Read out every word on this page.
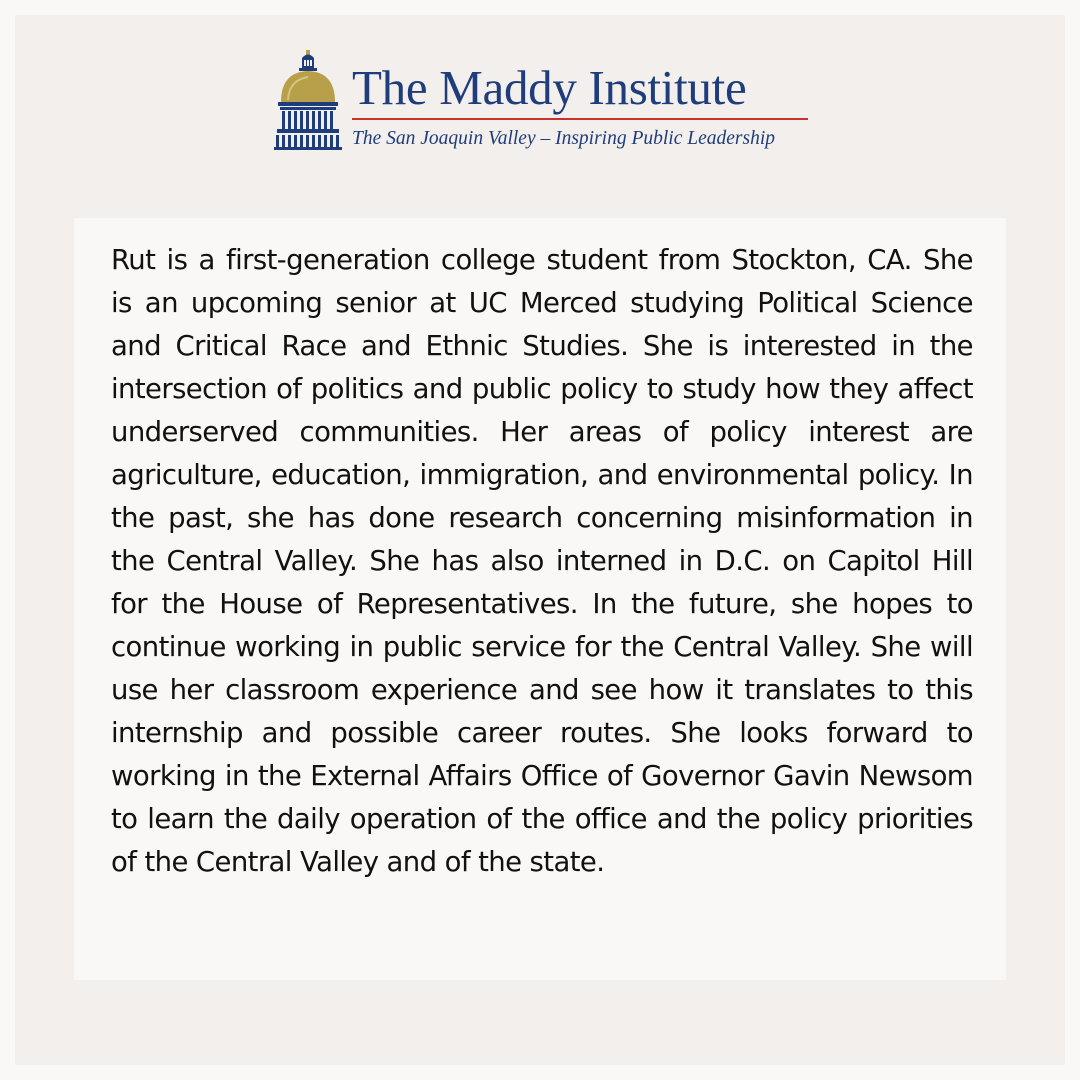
The Maddy Institute
The San Joaquin Valley – Inspiring Public Leadership

Rut is a first-generation college student from Stockton, CA. She is an upcoming senior at UC Merced studying Political Science and Critical Race and Ethnic Studies. She is interested in the intersection of politics and public policy to study how they affect underserved communities. Her areas of policy interest are agriculture, education, immigration, and environmental policy. In the past, she has done research concerning misinformation in the Central Valley. She has also interned in D.C. on Capitol Hill for the House of Representatives. In the future, she hopes to continue working in public service for the Central Valley. She will use her classroom experience and see how it translates to this internship and possible career routes. She looks forward to working in the External Affairs Office of Governor Gavin Newsom to learn the daily operation of the office and the policy priorities of the Central Valley and of the state.
